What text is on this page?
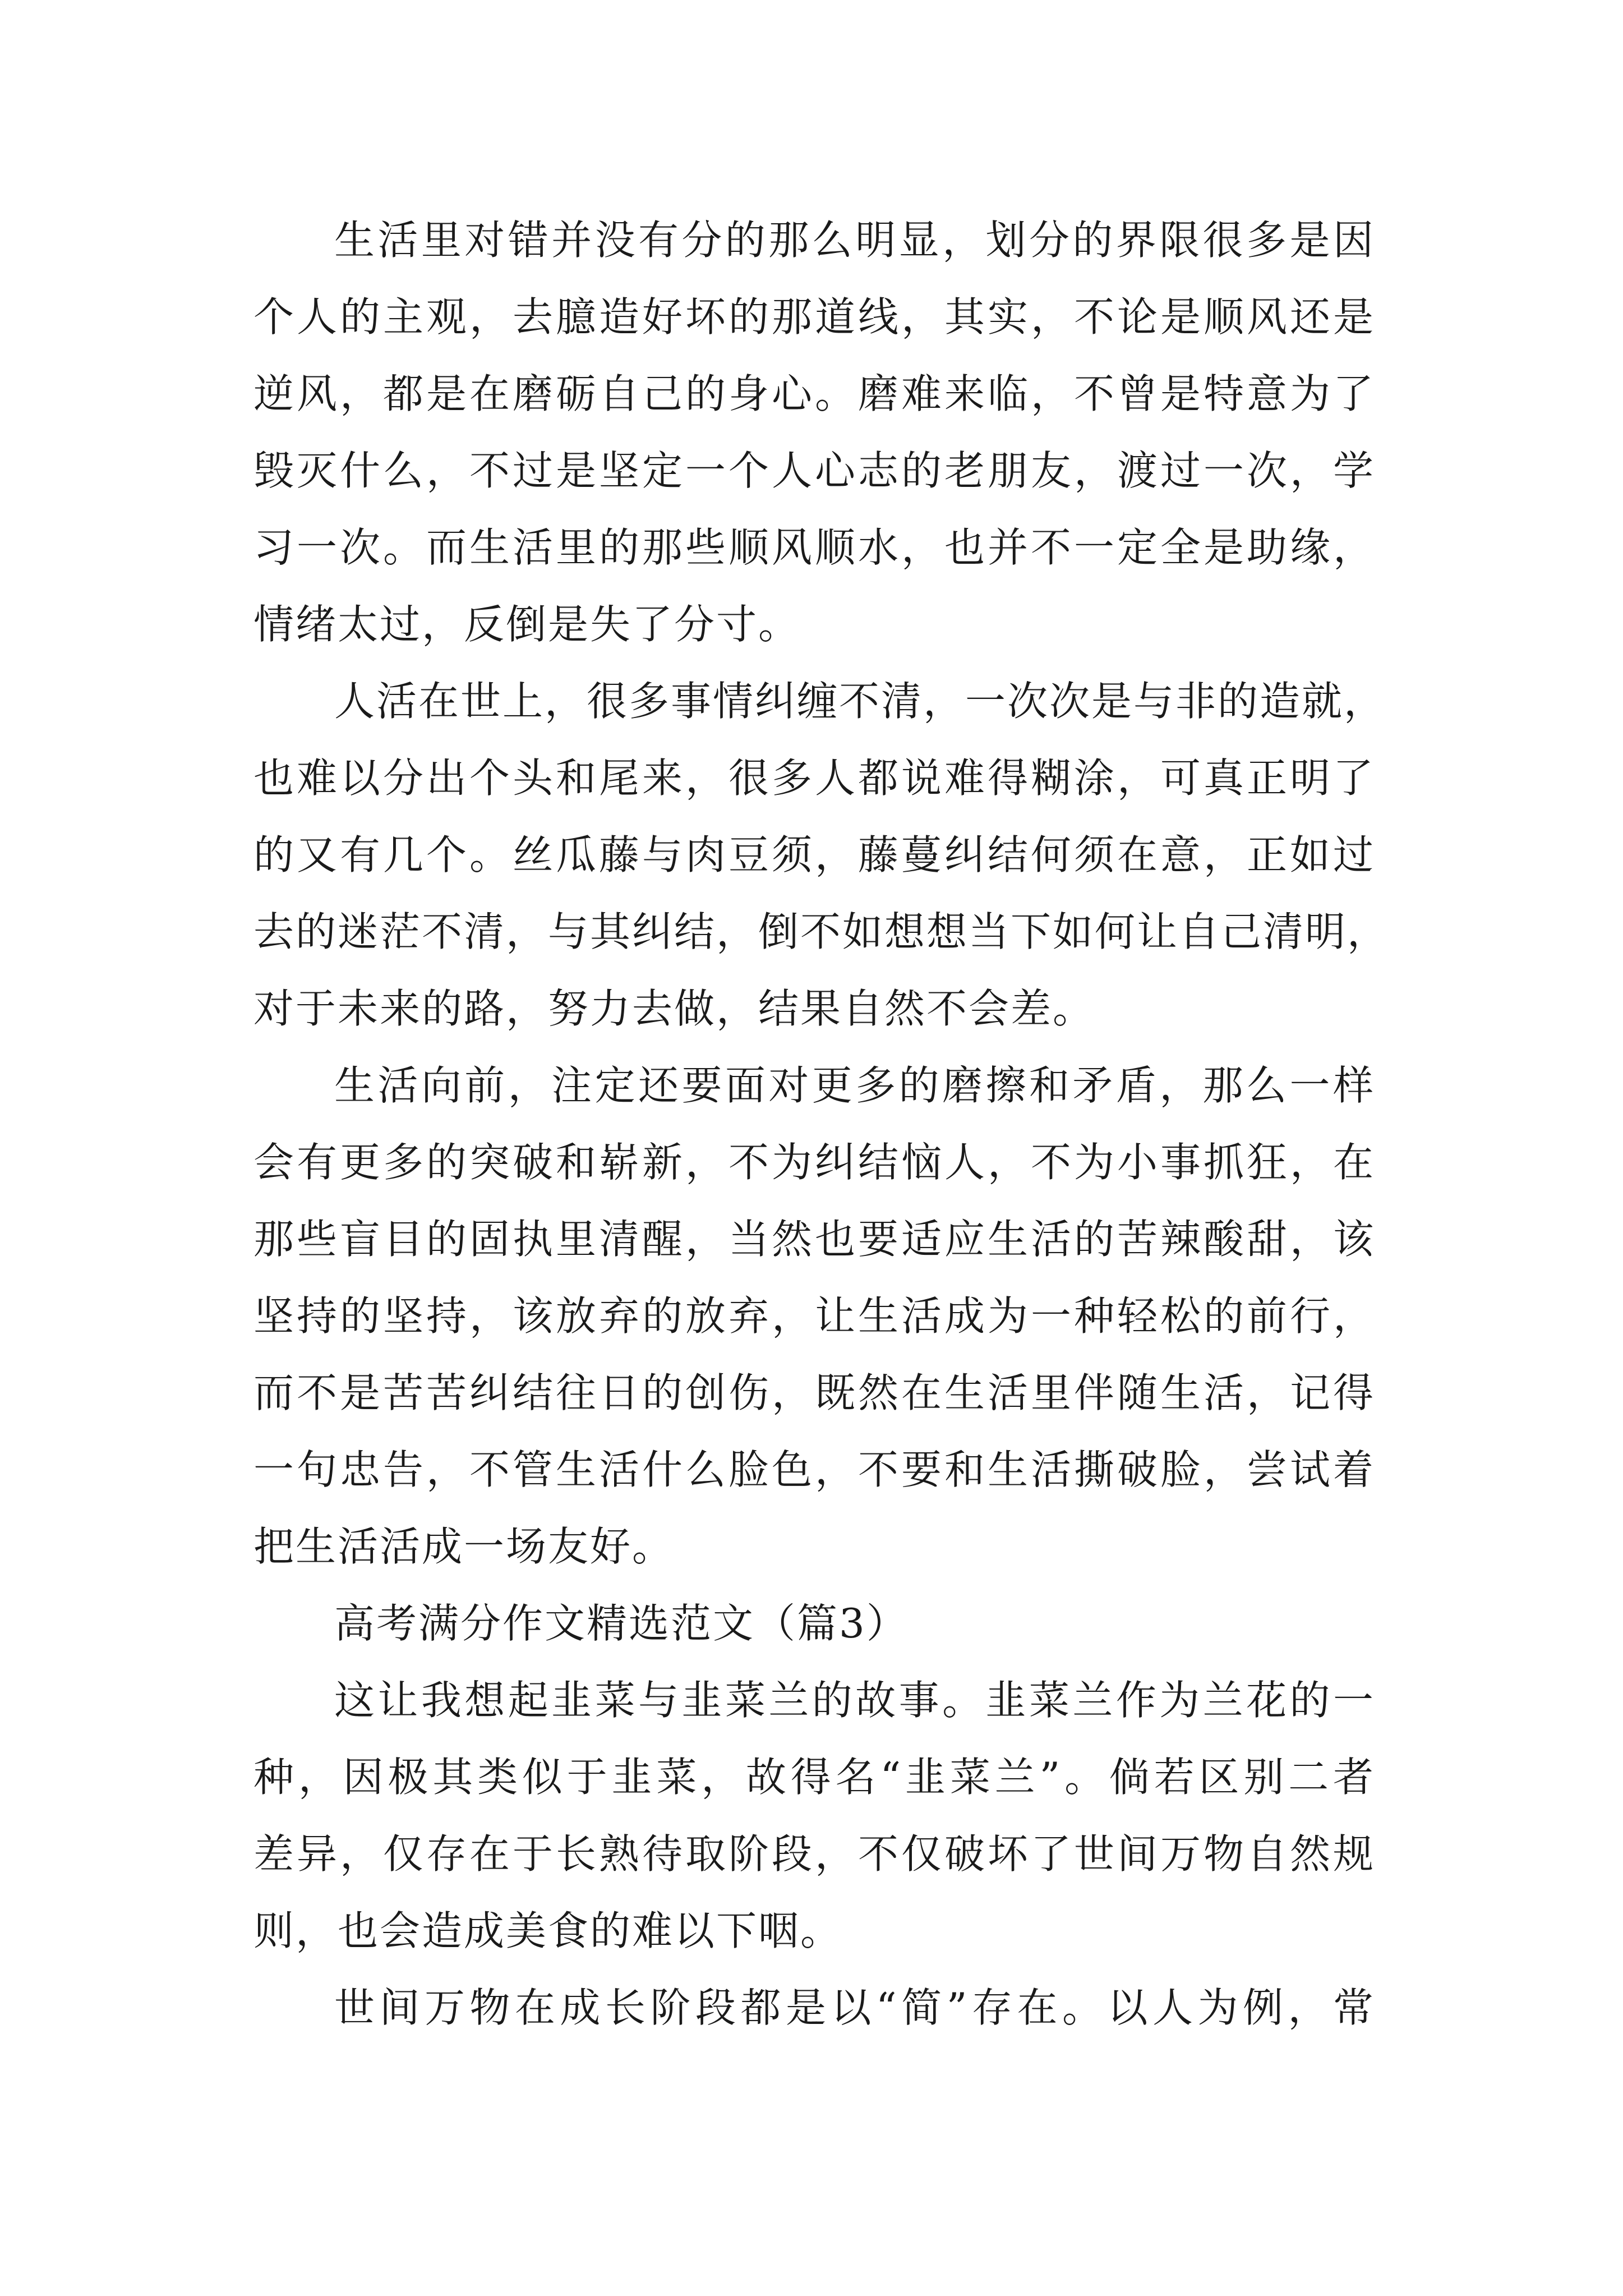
生活里对错并没有分的那么明显，划分的界限很多是因
个人的主观，去臆造好坏的那道线，其实，不论是顺风还是
逆风，都是在磨砺自己的身心。磨难来临，不曾是特意为了
毁灭什么，不过是坚定一个人心志的老朋友，渡过一次，学
习一次。而生活里的那些顺风顺水，也并不一定全是助缘，
情绪太过，反倒是失了分寸。
人活在世上，很多事情纠缠不清，一次次是与非的造就，
也难以分出个头和尾来，很多人都说难得糊涂，可真正明了
的又有几个。丝瓜藤与肉豆须，藤蔓纠结何须在意，正如过
去的迷茫不清，与其纠结，倒不如想想当下如何让自己清明，
对于未来的路，努力去做，结果自然不会差。
生活向前，注定还要面对更多的磨擦和矛盾，那么一样
会有更多的突破和崭新，不为纠结恼人，不为小事抓狂，在
那些盲目的固执里清醒，当然也要适应生活的苦辣酸甜，该
坚持的坚持，该放弃的放弃，让生活成为一种轻松的前行，
而不是苦苦纠结往日的创伤，既然在生活里伴随生活，记得
一句忠告，不管生活什么脸色，不要和生活撕破脸，尝试着
把生活活成一场友好。
高考满分作文精选范文（篇3）
这让我想起韭菜与韭菜兰的故事。韭菜兰作为兰花的一
种，因极其类似于韭菜，故得名“韭菜兰”。倘若区别二者
差异，仅存在于长熟待取阶段，不仅破坏了世间万物自然规
则，也会造成美食的难以下咽。
世间万物在成长阶段都是以“简”存在。以人为例，常
